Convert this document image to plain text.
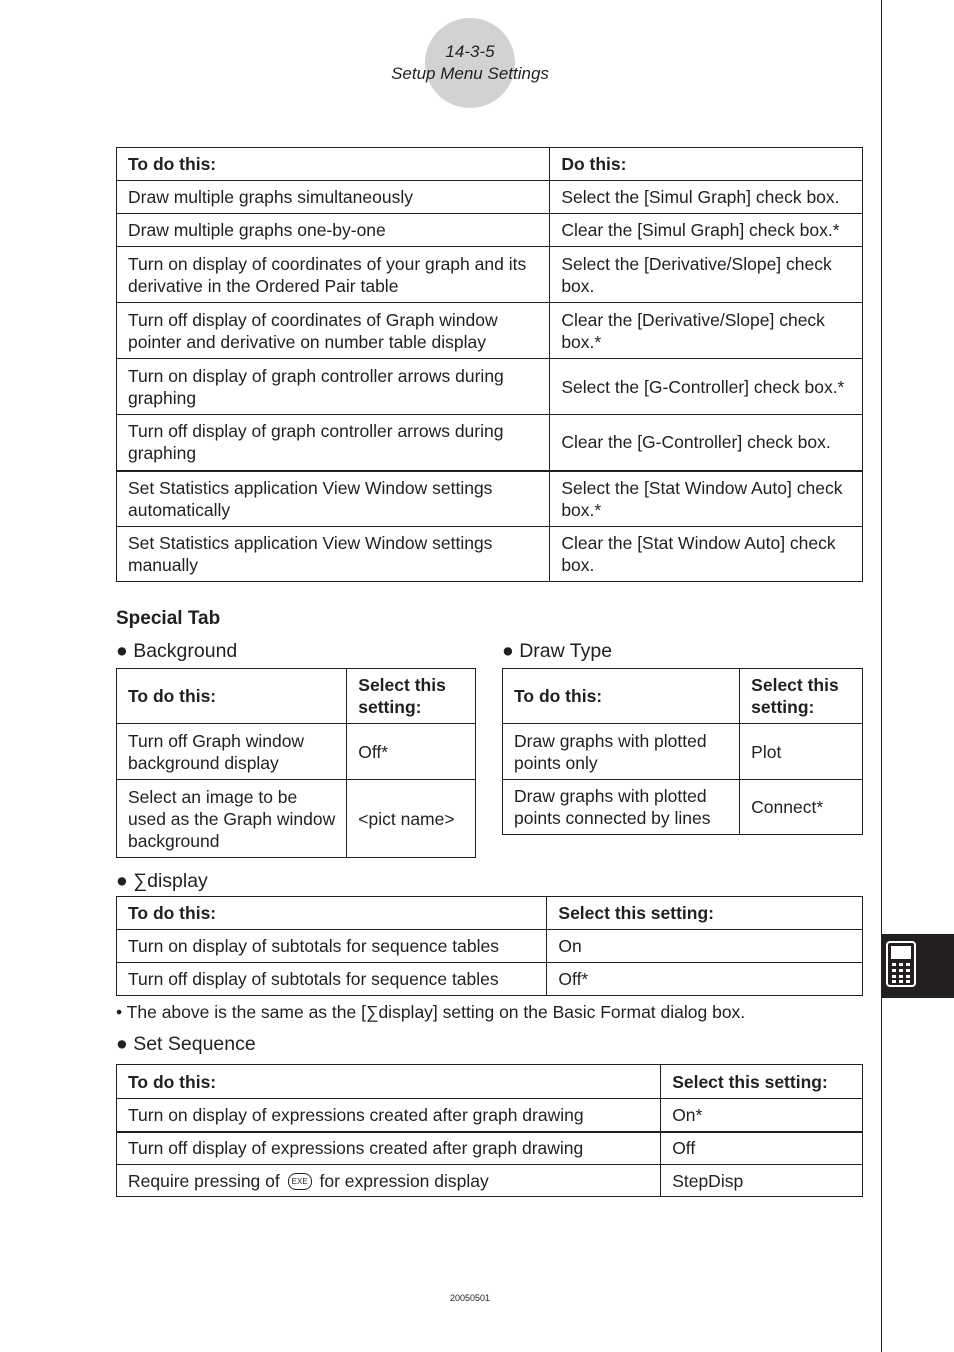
14-3-5
Setup Menu Settings
To do this:	Do this:
Draw multiple graphs simultaneously	Select the [Simul Graph] check box.
Draw multiple graphs one-by-one	Clear the [Simul Graph] check box.*
Turn on display of coordinates of your graph and its derivative in the Ordered Pair table	Select the [Derivative/Slope] check box.
Turn off display of coordinates of Graph window pointer and derivative on number table display	Clear the [Derivative/Slope] check box.*
Turn on display of graph controller arrows during graphing	Select the [G-Controller] check box.*
Turn off display of graph controller arrows during graphing	Clear the [G-Controller] check box.
Set Statistics application View Window settings automatically	Select the [Stat Window Auto] check box.*
Set Statistics application View Window settings manually	Clear the [Stat Window Auto] check box.
Special Tab
● Background
To do this:	Select this setting:
Turn off Graph window background display	Off*
Select an image to be used as the Graph window background	<pict name>
● Draw Type
To do this:	Select this setting:
Draw graphs with plotted points only	Plot
Draw graphs with plotted points connected by lines	Connect*
● ∑display
To do this:	Select this setting:
Turn on display of subtotals for sequence tables	On
Turn off display of subtotals for sequence tables	Off*
• The above is the same as the [∑display] setting on the Basic Format dialog box.
● Set Sequence
To do this:	Select this setting:
Turn on display of expressions created after graph drawing	On*
Turn off display of expressions created after graph drawing	Off
Require pressing of EXE for expression display	StepDisp
20050501
